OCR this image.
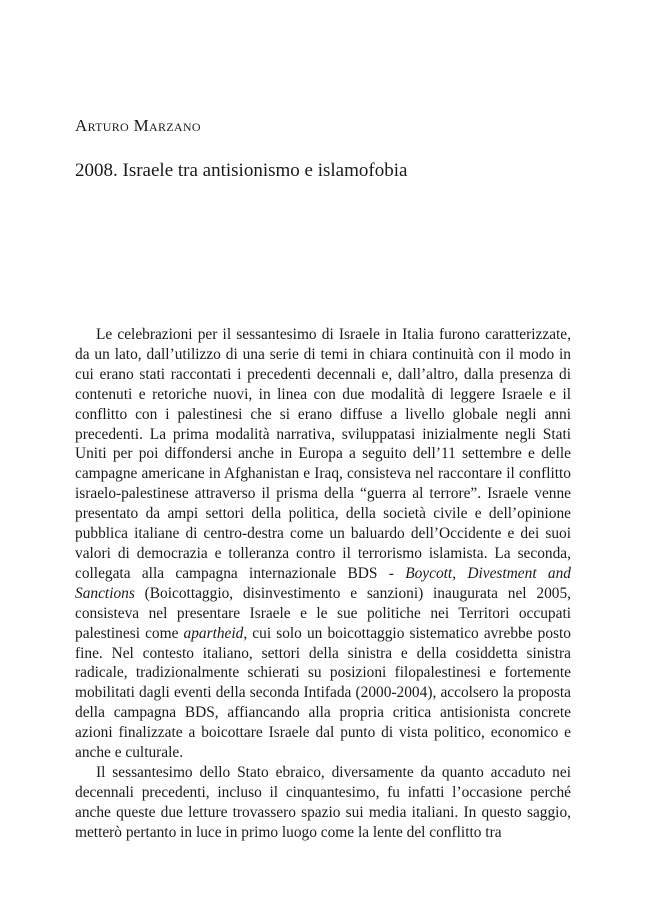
Arturo Marzano
2008. Israele tra antisionismo e islamofobia

Le celebrazioni per il sessantesimo di Israele in Italia furono caratterizzate, da un lato, dall’utilizzo di una serie di temi in chiara continuità con il modo in cui erano stati raccontati i precedenti decennali e, dall’altro, dalla presenza di contenuti e retoriche nuovi, in linea con due modalità di leggere Israele e il conflitto con i palestinesi che si erano diffuse a livello globale negli anni precedenti. La prima modalità narrativa, sviluppatasi inizialmente negli Stati Uniti per poi diffondersi anche in Europa a seguito dell’11 settembre e delle campagne americane in Afghanistan e Iraq, consisteva nel raccontare il conflitto israelo-palestinese attraverso il prisma della “guerra al terrore”. Israele venne presentato da ampi settori della politica, della società civile e dell’opinione pubblica italiane di centro-destra come un baluardo dell’Occidente e dei suoi valori di democrazia e tolleranza contro il terrorismo islamista. La seconda, collegata alla campagna internazionale BDS - Boycott, Divestment and Sanctions (Boicottaggio, disinvestimento e sanzioni) inaugurata nel 2005, consisteva nel presentare Israele e le sue politiche nei Territori occupati palestinesi come apartheid, cui solo un boicottaggio sistematico avrebbe posto fine. Nel contesto italiano, settori della sinistra e della cosiddetta sinistra radicale, tradizionalmente schierati su posizioni filopalestinesi e fortemente mobilitati dagli eventi della seconda Intifada (2000-2004), accolsero la proposta della campagna BDS, affiancando alla propria critica antisionista concrete azioni finalizzate a boicottare Israele dal punto di vista politico, economico e anche e culturale.

Il sessantesimo dello Stato ebraico, diversamente da quanto accaduto nei decennali precedenti, incluso il cinquantesimo, fu infatti l’occasione perché anche queste due letture trovassero spazio sui media italiani. In questo saggio, metterò pertanto in luce in primo luogo come la lente del conflitto tra
